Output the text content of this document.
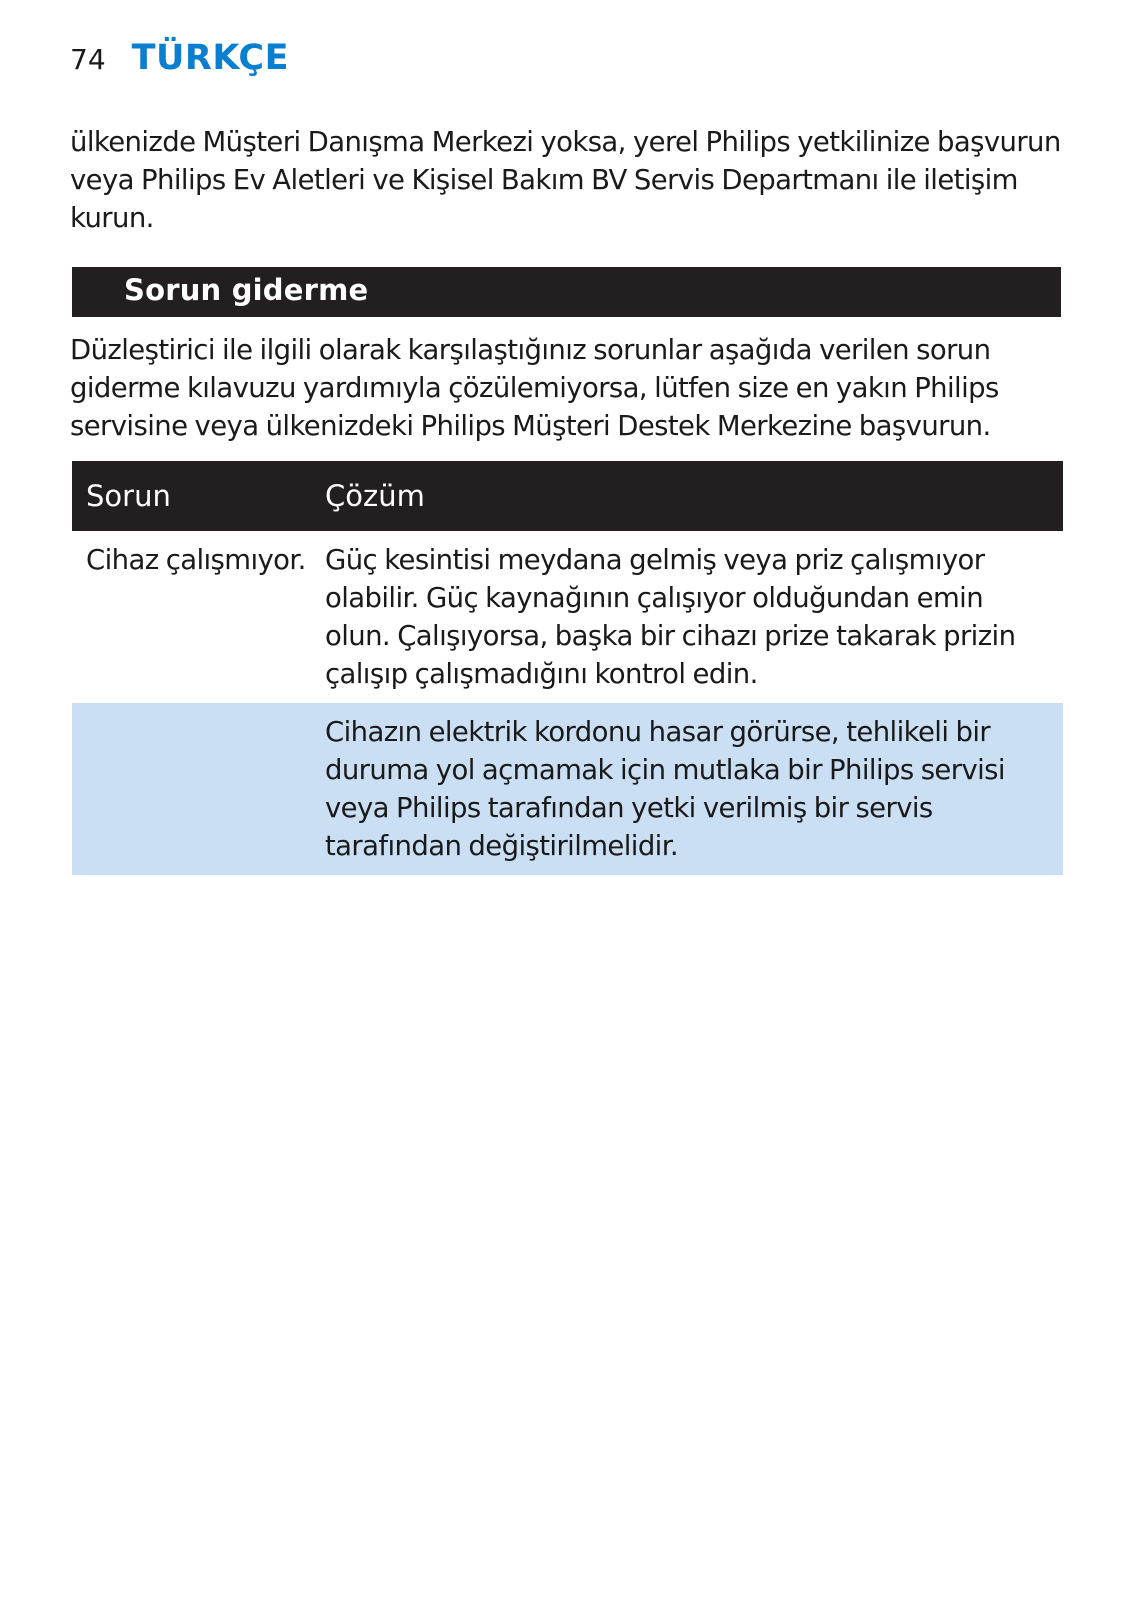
74 TÜRKÇE

ülkenizde Müşteri Danışma Merkezi yoksa, yerel Philips yetkilinize başvurun veya Philips Ev Aletleri ve Kişisel Bakım BV Servis Departmanı ile iletişim kurun.

Sorun giderme

Düzleştirici ile ilgili olarak karşılaştığınız sorunlar aşağıda verilen sorun giderme kılavuzu yardımıyla çözülemiyorsa, lütfen size en yakın Philips servisine veya ülkenizdeki Philips Müşteri Destek Merkezine başvurun.

Sorun	Çözüm
Cihaz çalışmıyor.	Güç kesintisi meydana gelmiş veya priz çalışmıyor olabilir. Güç kaynağının çalışıyor olduğundan emin olun. Çalışıyorsa, başka bir cihazı prize takarak prizin çalışıp çalışmadığını kontrol edin.
	Cihazın elektrik kordonu hasar görürse, tehlikeli bir duruma yol açmamak için mutlaka bir Philips servisi veya Philips tarafından yetki verilmiş bir servis tarafından değiştirilmelidir.
